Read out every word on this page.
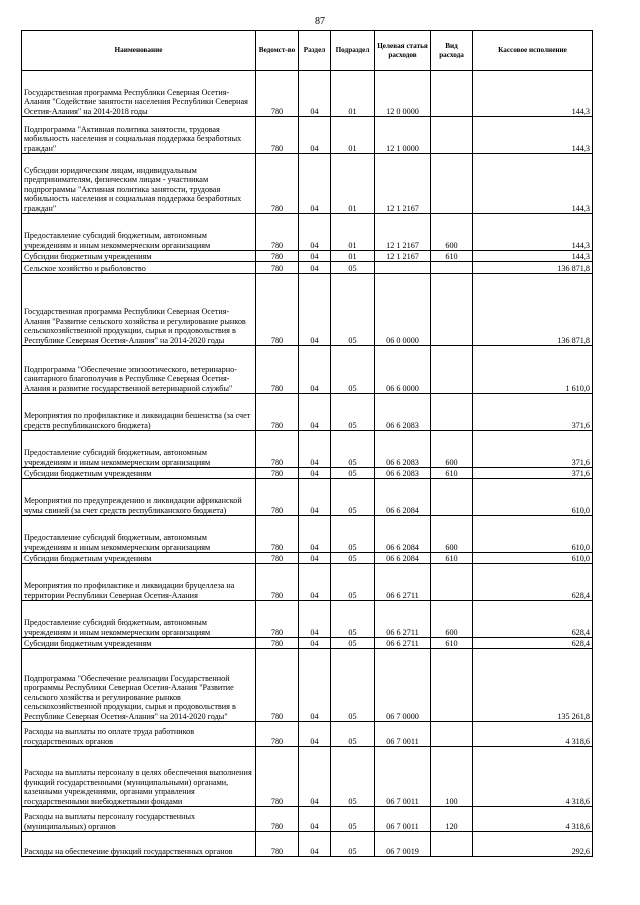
87
Наименование	Ведомст-во	Раздел	Подраздел	Целевая статья расходов	Вид расхода	Кассовое исполнение
Государственная программа Республики Северная Осетия-Алания "Содействие занятости населения Республики Северная Осетия-Алания" на 2014-2018 годы	780	04	01	12 0 0000		144,3
Подпрограмма "Активная политика занятости, трудовая мобильность населения и социальная поддержка безработных граждан"	780	04	01	12 1 0000		144,3
Субсидии юридическим лицам, индивидуальным предпринимателям, физическим лицам - участникам подпрограммы "Активная политика занятости, трудовая мобильность населения и социальная поддержка безработных граждан"	780	04	01	12 1 2167		144,3
Предоставление субсидий бюджетным, автономным учреждениям и иным некоммерческим организациям	780	04	01	12 1 2167	600	144,3
Субсидии бюджетным учреждениям	780	04	01	12 1 2167	610	144,3
Сельское хозяйство и рыболовство	780	04	05			136 871,8
Государственная программа Республики Северная Осетия-Алания "Развитие сельского хозяйства и регулирование рынков сельскохозяйственной продукции, сырья и продовольствия в Республике Северная Осетия-Алания" на 2014-2020 годы	780	04	05	06 0 0000		136 871,8
Подпрограмма "Обеспечение эпизоотического, ветеринарно-санитарного благополучия в Республике Северная Осетия-Алания и развитие государственной ветеринарной службы"	780	04	05	06 6 0000		1 610,0
Мероприятия по профилактике и ликвидации бешенства (за счет средств республиканского бюджета)	780	04	05	06 6 2083		371,6
Предоставление субсидий бюджетным, автономным учреждениям и иным некоммерческим организациям	780	04	05	06 6 2083	600	371,6
Субсидии бюджетным учреждениям	780	04	05	06 6 2083	610	371,6
Мероприятия по предупреждению и ликвидации африканской чумы свиней (за счет средств республиканского бюджета)	780	04	05	06 6 2084		610,0
Предоставление субсидий бюджетным, автономным учреждениям и иным некоммерческим организациям	780	04	05	06 6 2084	600	610,0
Субсидии бюджетным учреждениям	780	04	05	06 6 2084	610	610,0
Мероприятия по профилактике и ликвидации бруцеллеза на территории Республики Северная Осетия-Алания	780	04	05	06 6 2711		628,4
Предоставление субсидий бюджетным, автономным учреждениям и иным некоммерческим организациям	780	04	05	06 6 2711	600	628,4
Субсидии бюджетным учреждениям	780	04	05	06 6 2711	610	628,4
Подпрограмма "Обеспечение реализации Государственной программы Республики Северная Осетия-Алания "Развитие сельского хозяйства и регулирование рынков сельскохозяйственной продукции, сырья и продовольствия в Республике Северная Осетия-Алания" на 2014-2020 годы"	780	04	05	06 7 0000		135 261,8
Расходы на выплаты по оплате труда работников государственных органов	780	04	05	06 7 0011		4 318,6
Расходы на выплаты персоналу в целях обеспечения выполнения функций государственными (муниципальными) органами, казенными учреждениями, органами управления государственными внебюджетными фондами	780	04	05	06 7 0011	100	4 318,6
Расходы на выплаты персоналу государственных (муниципальных) органов	780	04	05	06 7 0011	120	4 318,6
Расходы на обеспечение функций государственных органов	780	04	05	06 7 0019		292,6
